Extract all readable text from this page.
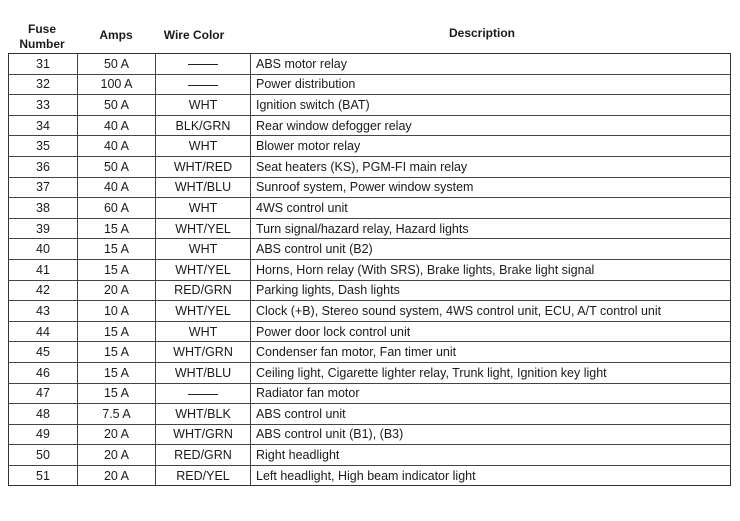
Fuse
Number
Amps	Wire Color	Description
31	50 A		ABS motor relay
32	100 A		Power distribution
33	50 A	WHT	Ignition switch (BAT)
34	40 A	BLK/GRN	Rear window defogger relay
35	40 A	WHT	Blower motor relay
36	50 A	WHT/RED	Seat heaters (KS), PGM-FI main relay
37	40 A	WHT/BLU	Sunroof system, Power window system
38	60 A	WHT	4WS control unit
39	15 A	WHT/YEL	Turn signal/hazard relay, Hazard lights
40	15 A	WHT	ABS control unit (B2)
41	15 A	WHT/YEL	Horns, Horn relay (With SRS), Brake lights, Brake light signal
42	20 A	RED/GRN	Parking lights, Dash lights
43	10 A	WHT/YEL	Clock (+B), Stereo sound system, 4WS control unit, ECU, A/T control unit
44	15 A	WHT	Power door lock control unit
45	15 A	WHT/GRN	Condenser fan motor, Fan timer unit
46	15 A	WHT/BLU	Ceiling light, Cigarette lighter relay, Trunk light, Ignition key light
47	15 A		Radiator fan motor
48	7.5 A	WHT/BLK	ABS control unit
49	20 A	WHT/GRN	ABS control unit (B1), (B3)
50	20 A	RED/GRN	Right headlight
51	20 A	RED/YEL	Left headlight, High beam indicator light
